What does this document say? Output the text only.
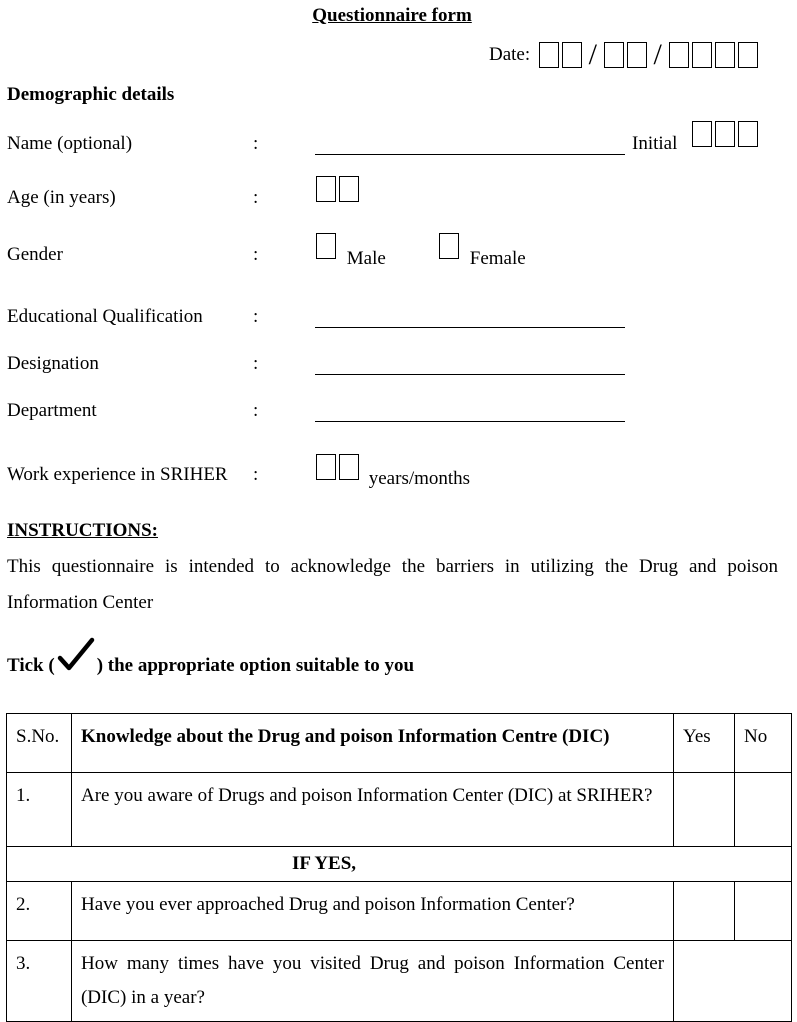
Questionnaire form
Date: / /
Demographic details
Name (optional)	:	Initial
Age (in years)	:
Gender	:	Male	Female
Educational Qualification	:
Designation	:
Department	:
Work experience in SRIHER :	years/months
INSTRUCTIONS:
This questionnaire is intended to acknowledge the barriers in utilizing the Drug and poison Information Center
Tick ( ) the appropriate option suitable to you
S.No.	Knowledge about the Drug and poison Information Centre (DIC)	Yes	No
1.	Are you aware of Drugs and poison Information Center (DIC) at SRIHER?		
IF YES,			
2.	Have you ever approached Drug and poison Information Center?		
3.	How many times have you visited Drug and poison Information Center (DIC) in a year?		
